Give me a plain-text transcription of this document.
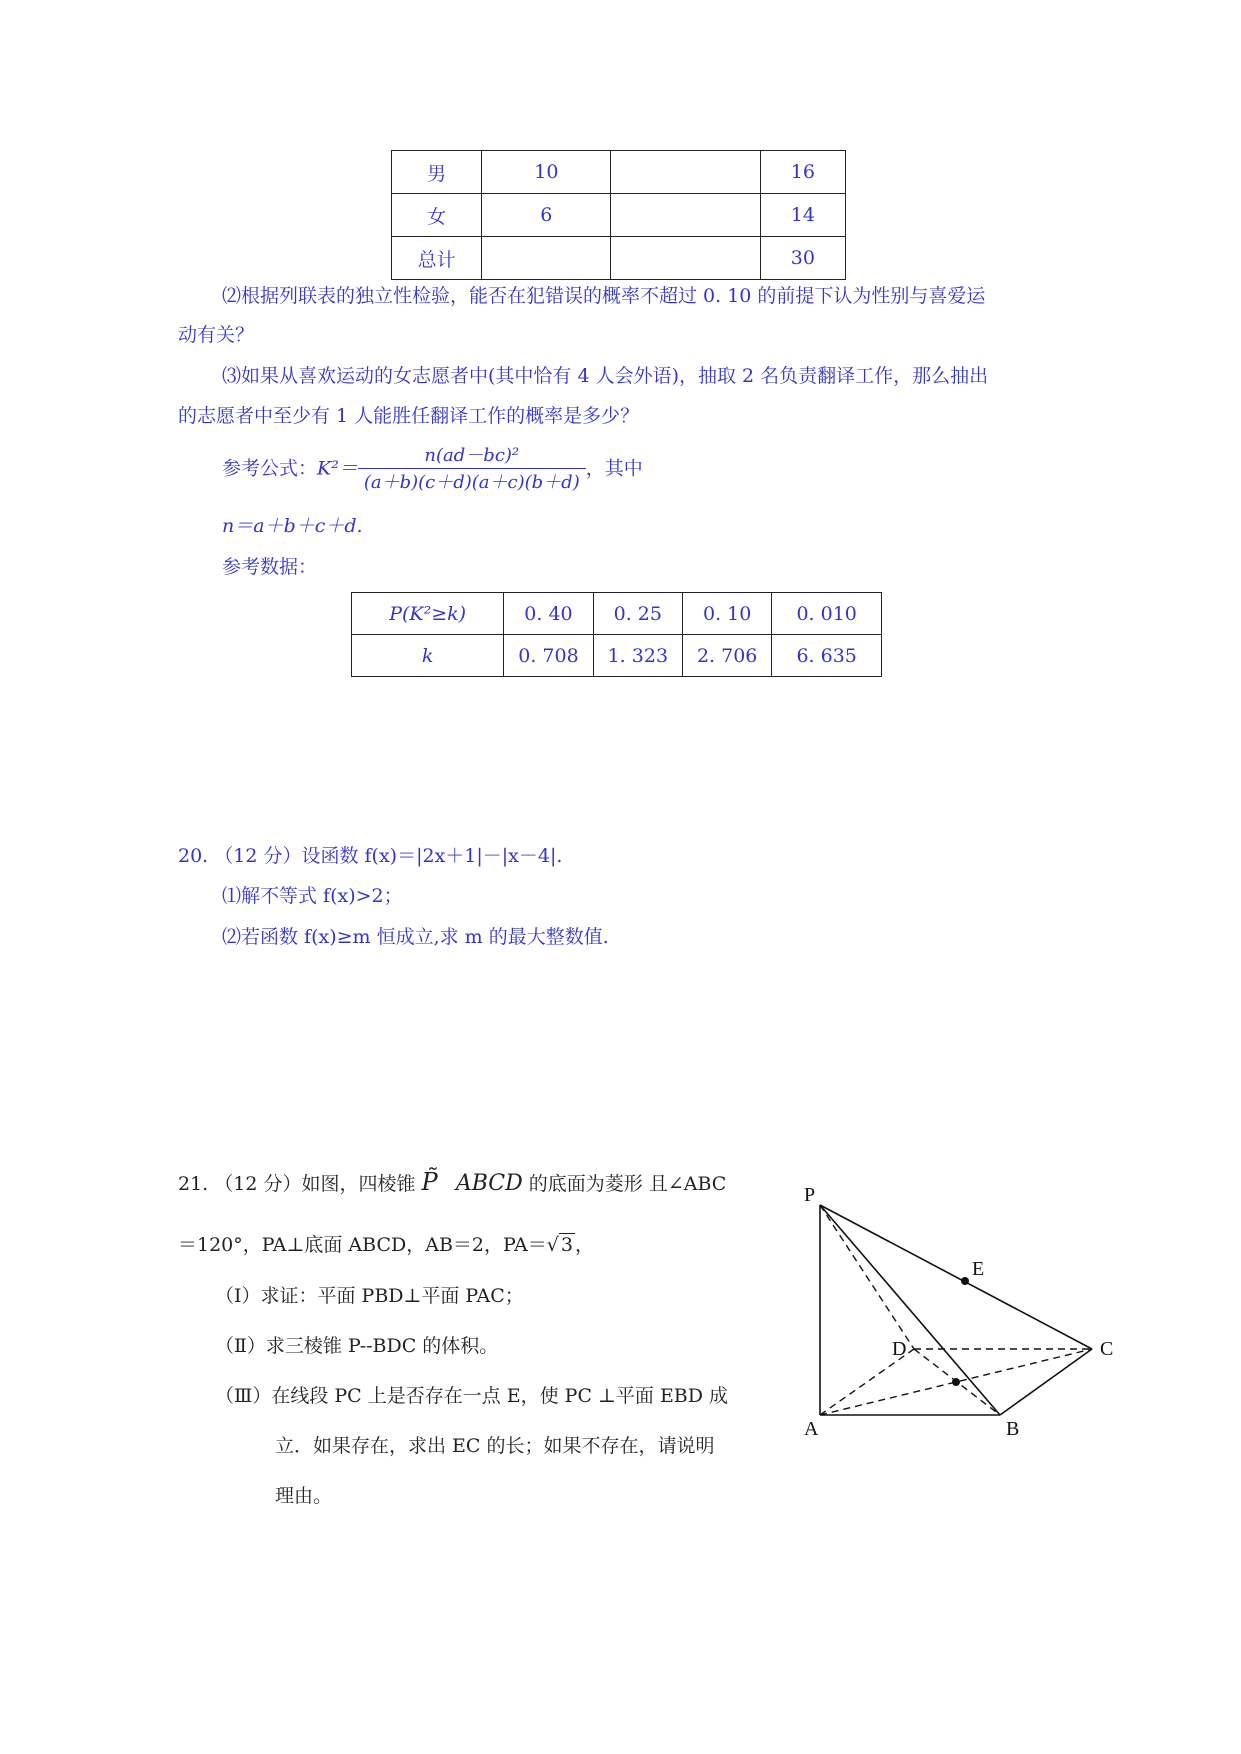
男	10		16
女	6		14
总计			30
⑵根据列联表的独立性检验，能否在犯错误的概率不超过 0. 10 的前提下认为性别与喜爱运
动有关？
⑶如果从喜欢运动的女志愿者中(其中恰有 4 人会外语)，抽取 2 名负责翻译工作，那么抽出
的志愿者中至少有 1 人能胜任翻译工作的概率是多少？
参考公式：$K^2= \frac{\text{n(ad－bc)²}}{(a+b)(c+d)(a+c)(b+d)}$ ，其中
n＝a＋b＋c＋d.
参考数据：
P(K²≥k)	0. 40	0. 25	0. 10	0. 010
k	0. 708	1. 323	2. 706	6. 635
20. （12 分）设函数 f(x)＝|2x＋1|－|x－4|.
⑴解不等式 f(x)>2；
⑵若函数 f(x)≥m 恒成立,求 m 的最大整数值.
21. （12 分）如图，四棱锥 P̃ ABCD 的底面为菱形 且∠ABC
＝120°，PA⊥底面 ABCD，AB＝2，PA＝√ 3 ，
（Ⅰ）求证：平面 PBD⊥平面 PAC；
（Ⅱ）求三棱锥 P--BDC 的体积。
（Ⅲ）在线段 PC 上是否存在一点 E，使 PC ⊥平面 EBD 成
立．如果存在，求出 EC 的长；如果不存在，请说明
理由。
P
E
D	C
A	B
